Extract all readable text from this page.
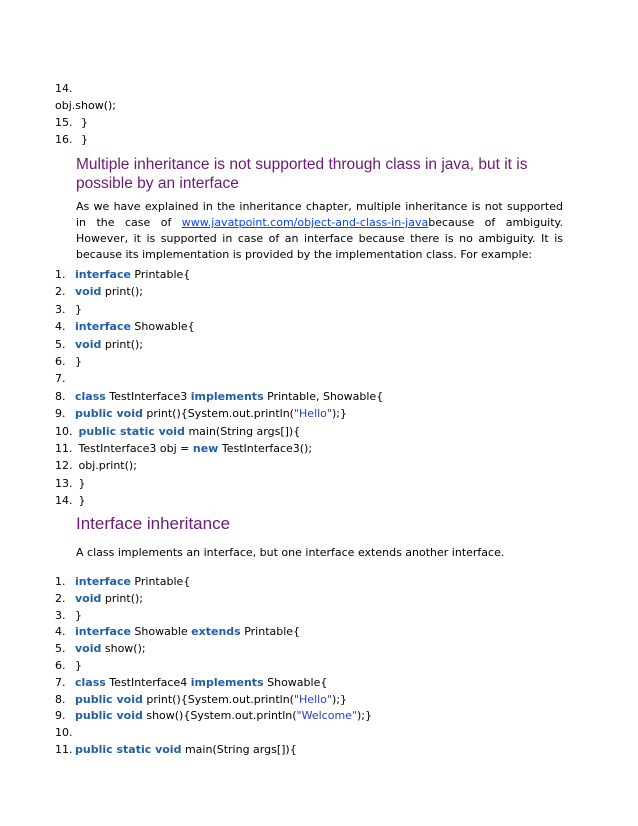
14.
obj.show();
15. }
16. }
Multiple inheritance is not supported through class in java, but it is possible by an interface
As we have explained in the inheritance chapter, multiple inheritance is not supported in the case of www.javatpoint.com/object-and-class-in-javabecause of ambiguity. However, it is supported in case of an interface because there is no ambiguity. It is because its implementation is provided by the implementation class. For example:
1. interface Printable{
2. void print();
3. }
4. interface Showable{
5. void print();
6. }
7.
8. class TestInterface3 implements Printable, Showable{
9. public void print(){System.out.println("Hello");}
10. public static void main(String args[]){
11. TestInterface3 obj = new TestInterface3();
12. obj.print();
13. }
14. }
Interface inheritance
A class implements an interface, but one interface extends another interface.
1. interface Printable{
2. void print();
3. }
4. interface Showable extends Printable{
5. void show();
6. }
7. class TestInterface4 implements Showable{
8. public void print(){System.out.println("Hello");}
9. public void show(){System.out.println("Welcome");}
10.
11. public static void main(String args[]){
